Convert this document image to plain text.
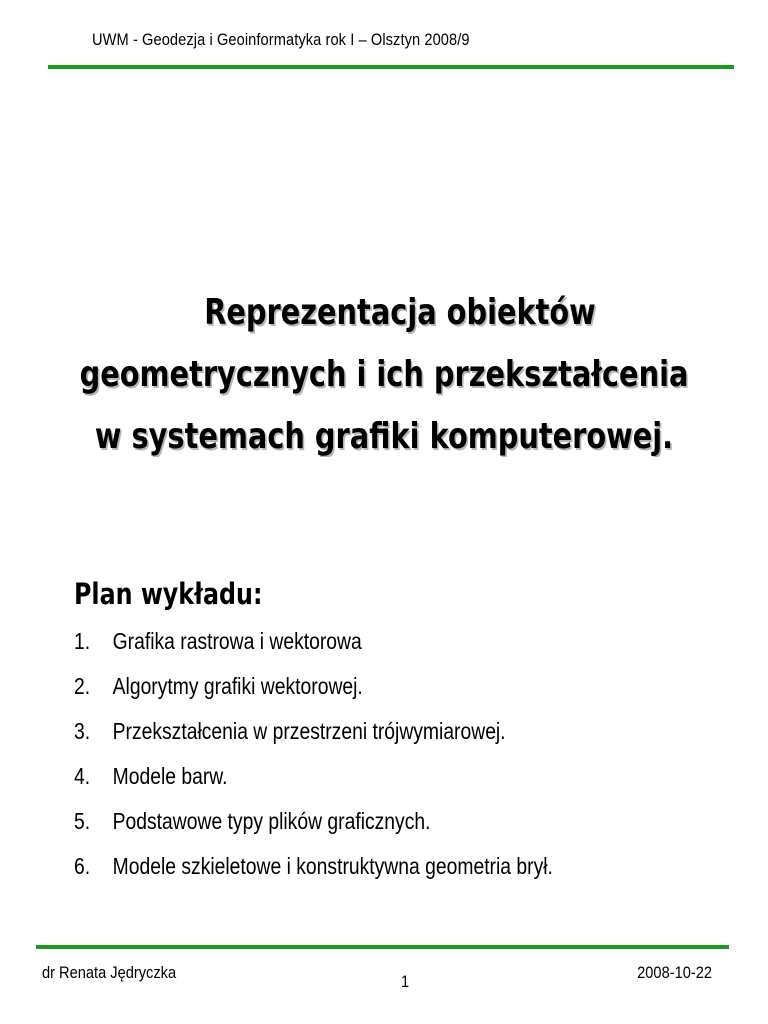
UWM - Geodezja i Geoinformatyka rok I – Olsztyn 2008/9
Reprezentacja obiektów
geometrycznych i ich przekształcenia
w systemach grafiki komputerowej.
Plan wykładu:
1. Grafika rastrowa i wektorowa
2. Algorytmy grafiki wektorowej.
3. Przekształcenia w przestrzeni trójwymiarowej.
4. Modele barw.
5. Podstawowe typy plików graficznych.
6. Modele szkieletowe i konstruktywna geometria brył.
dr Renata Jędryczka	1	2008-10-22
